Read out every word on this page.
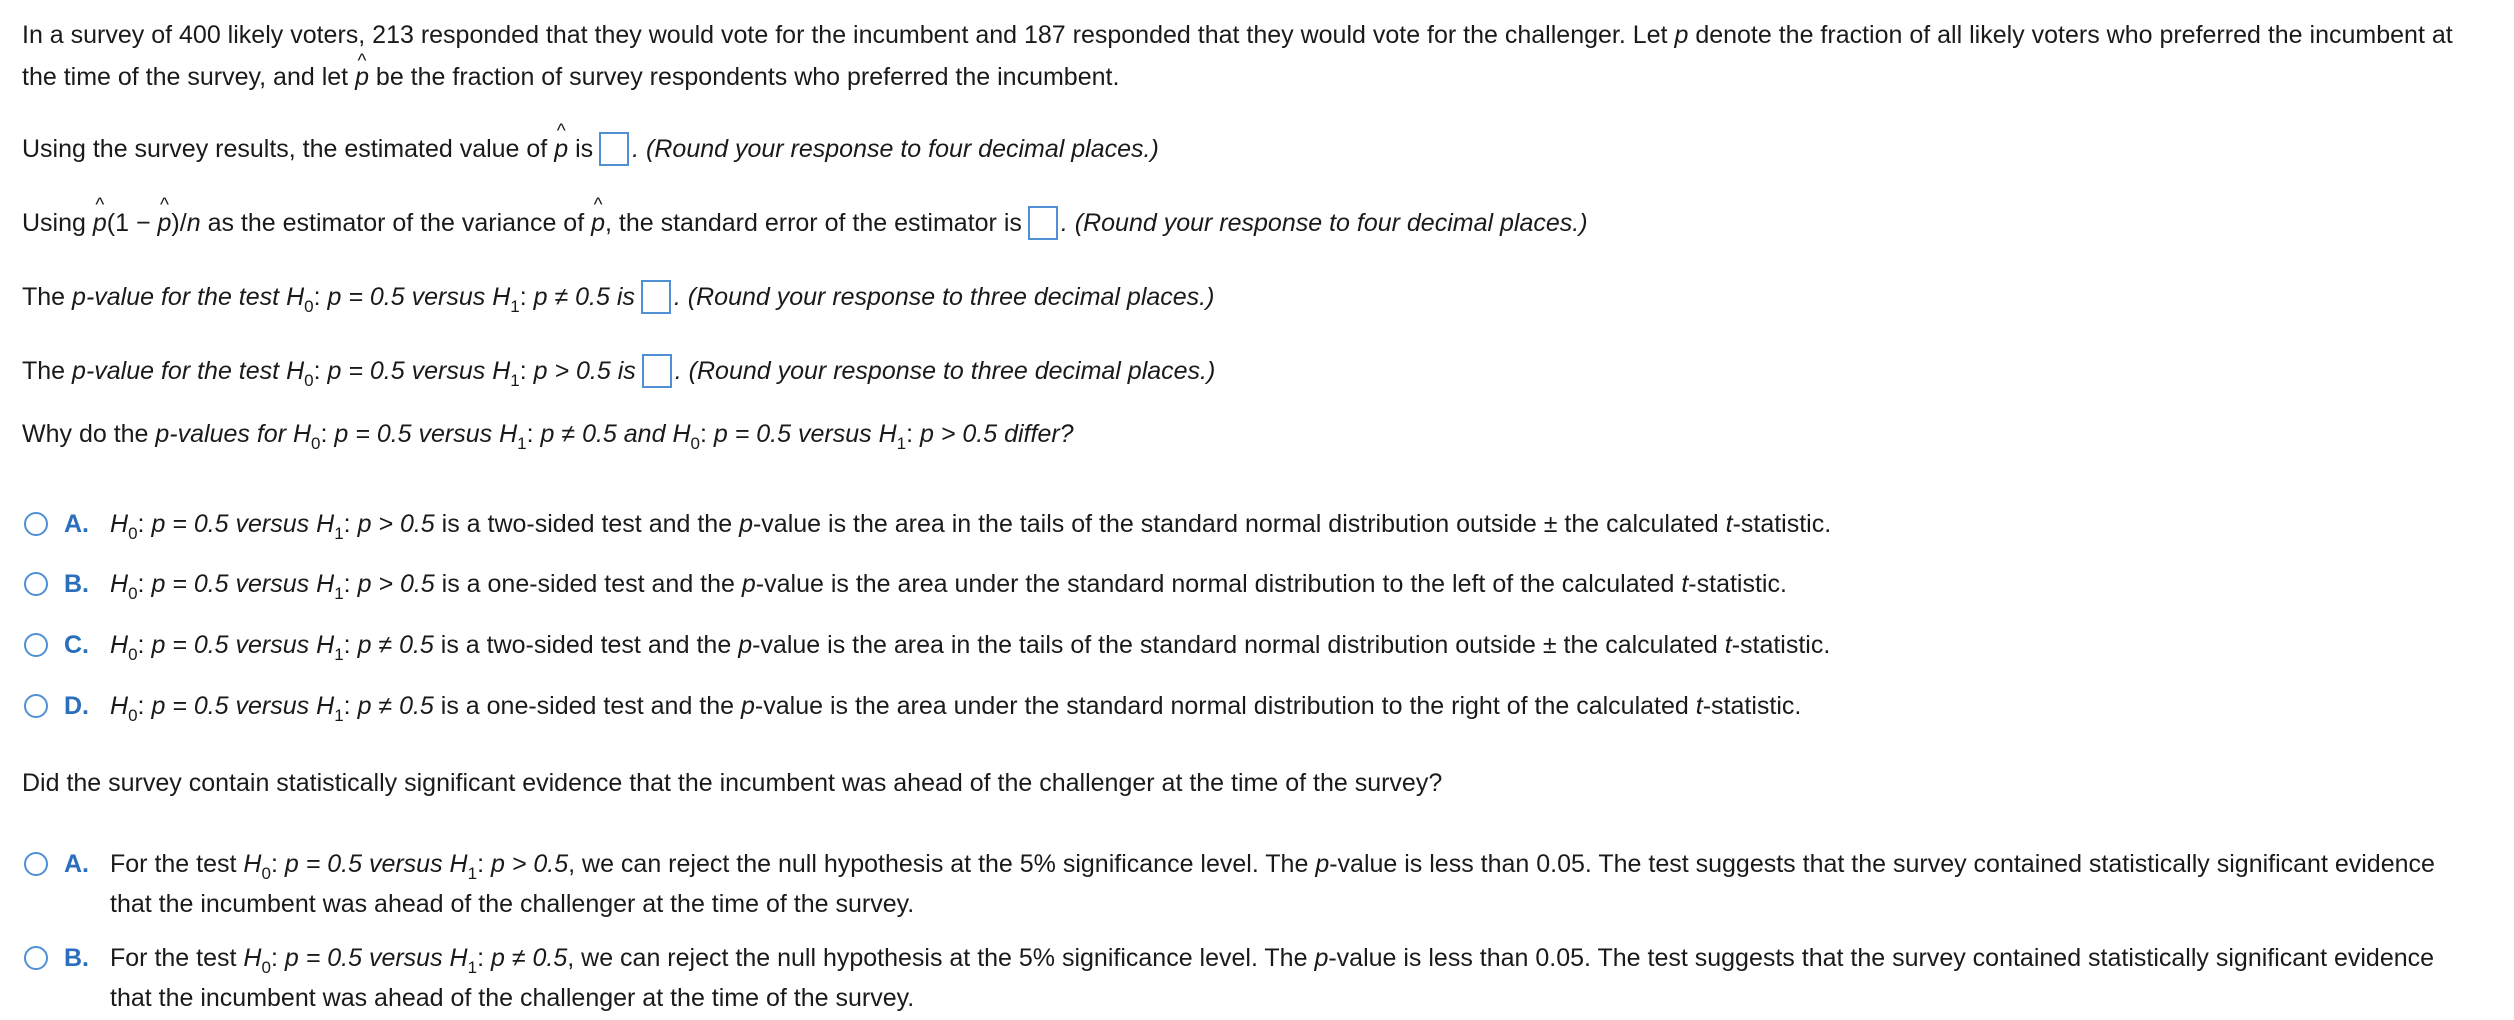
In a survey of 400 likely voters, 213 responded that they would vote for the incumbent and 187 responded that they would vote for the challenger. Let p denote the fraction of all likely voters who preferred the incumbent at the time of the survey, and let ^ p be the fraction of survey respondents who preferred the incumbent.
Using the survey results, the estimated value of ^ p is . (Round your response to four decimal places.)
Using ^ p(1 − ^ p)/n as the estimator of the variance of ^ p, the standard error of the estimator is . (Round your response to four decimal places.)
The p-value for the test $H_0$: p = 0.5 versus $H_1$: p ≠ 0.5 is . (Round your response to three decimal places.)
The p-value for the test $H_0$: p = 0.5 versus $H_1$: p > 0.5 is . (Round your response to three decimal places.)
Why do the p-values for $H_0$: p = 0.5 versus $H_1$: p ≠ 0.5 and $H_0$: p = 0.5 versus $H_1$: p > 0.5 differ?
A. $H_0$: p = 0.5 versus $H_1$: p > 0.5 is a two-sided test and the p-value is the area in the tails of the standard normal distribution outside ± the calculated t-statistic.
B. $H_0$: p = 0.5 versus $H_1$: p > 0.5 is a one-sided test and the p-value is the area under the standard normal distribution to the left of the calculated t-statistic.
C. $H_0$: p = 0.5 versus $H_1$: p ≠ 0.5 is a two-sided test and the p-value is the area in the tails of the standard normal distribution outside ± the calculated t-statistic.
D. $H_0$: p = 0.5 versus $H_1$: p ≠ 0.5 is a one-sided test and the p-value is the area under the standard normal distribution to the right of the calculated t-statistic.
Did the survey contain statistically significant evidence that the incumbent was ahead of the challenger at the time of the survey?
A. For the test $H_0$: p = 0.5 versus $H_1$: p > 0.5, we can reject the null hypothesis at the 5% significance level. The p-value is less than 0.05. The test suggests that the survey contained statistically significant evidence that the incumbent was ahead of the challenger at the time of the survey.
B. For the test $H_0$: p = 0.5 versus $H_1$: p ≠ 0.5, we can reject the null hypothesis at the 5% significance level. The p-value is less than 0.05. The test suggests that the survey contained statistically significant evidence that the incumbent was ahead of the challenger at the time of the survey.
